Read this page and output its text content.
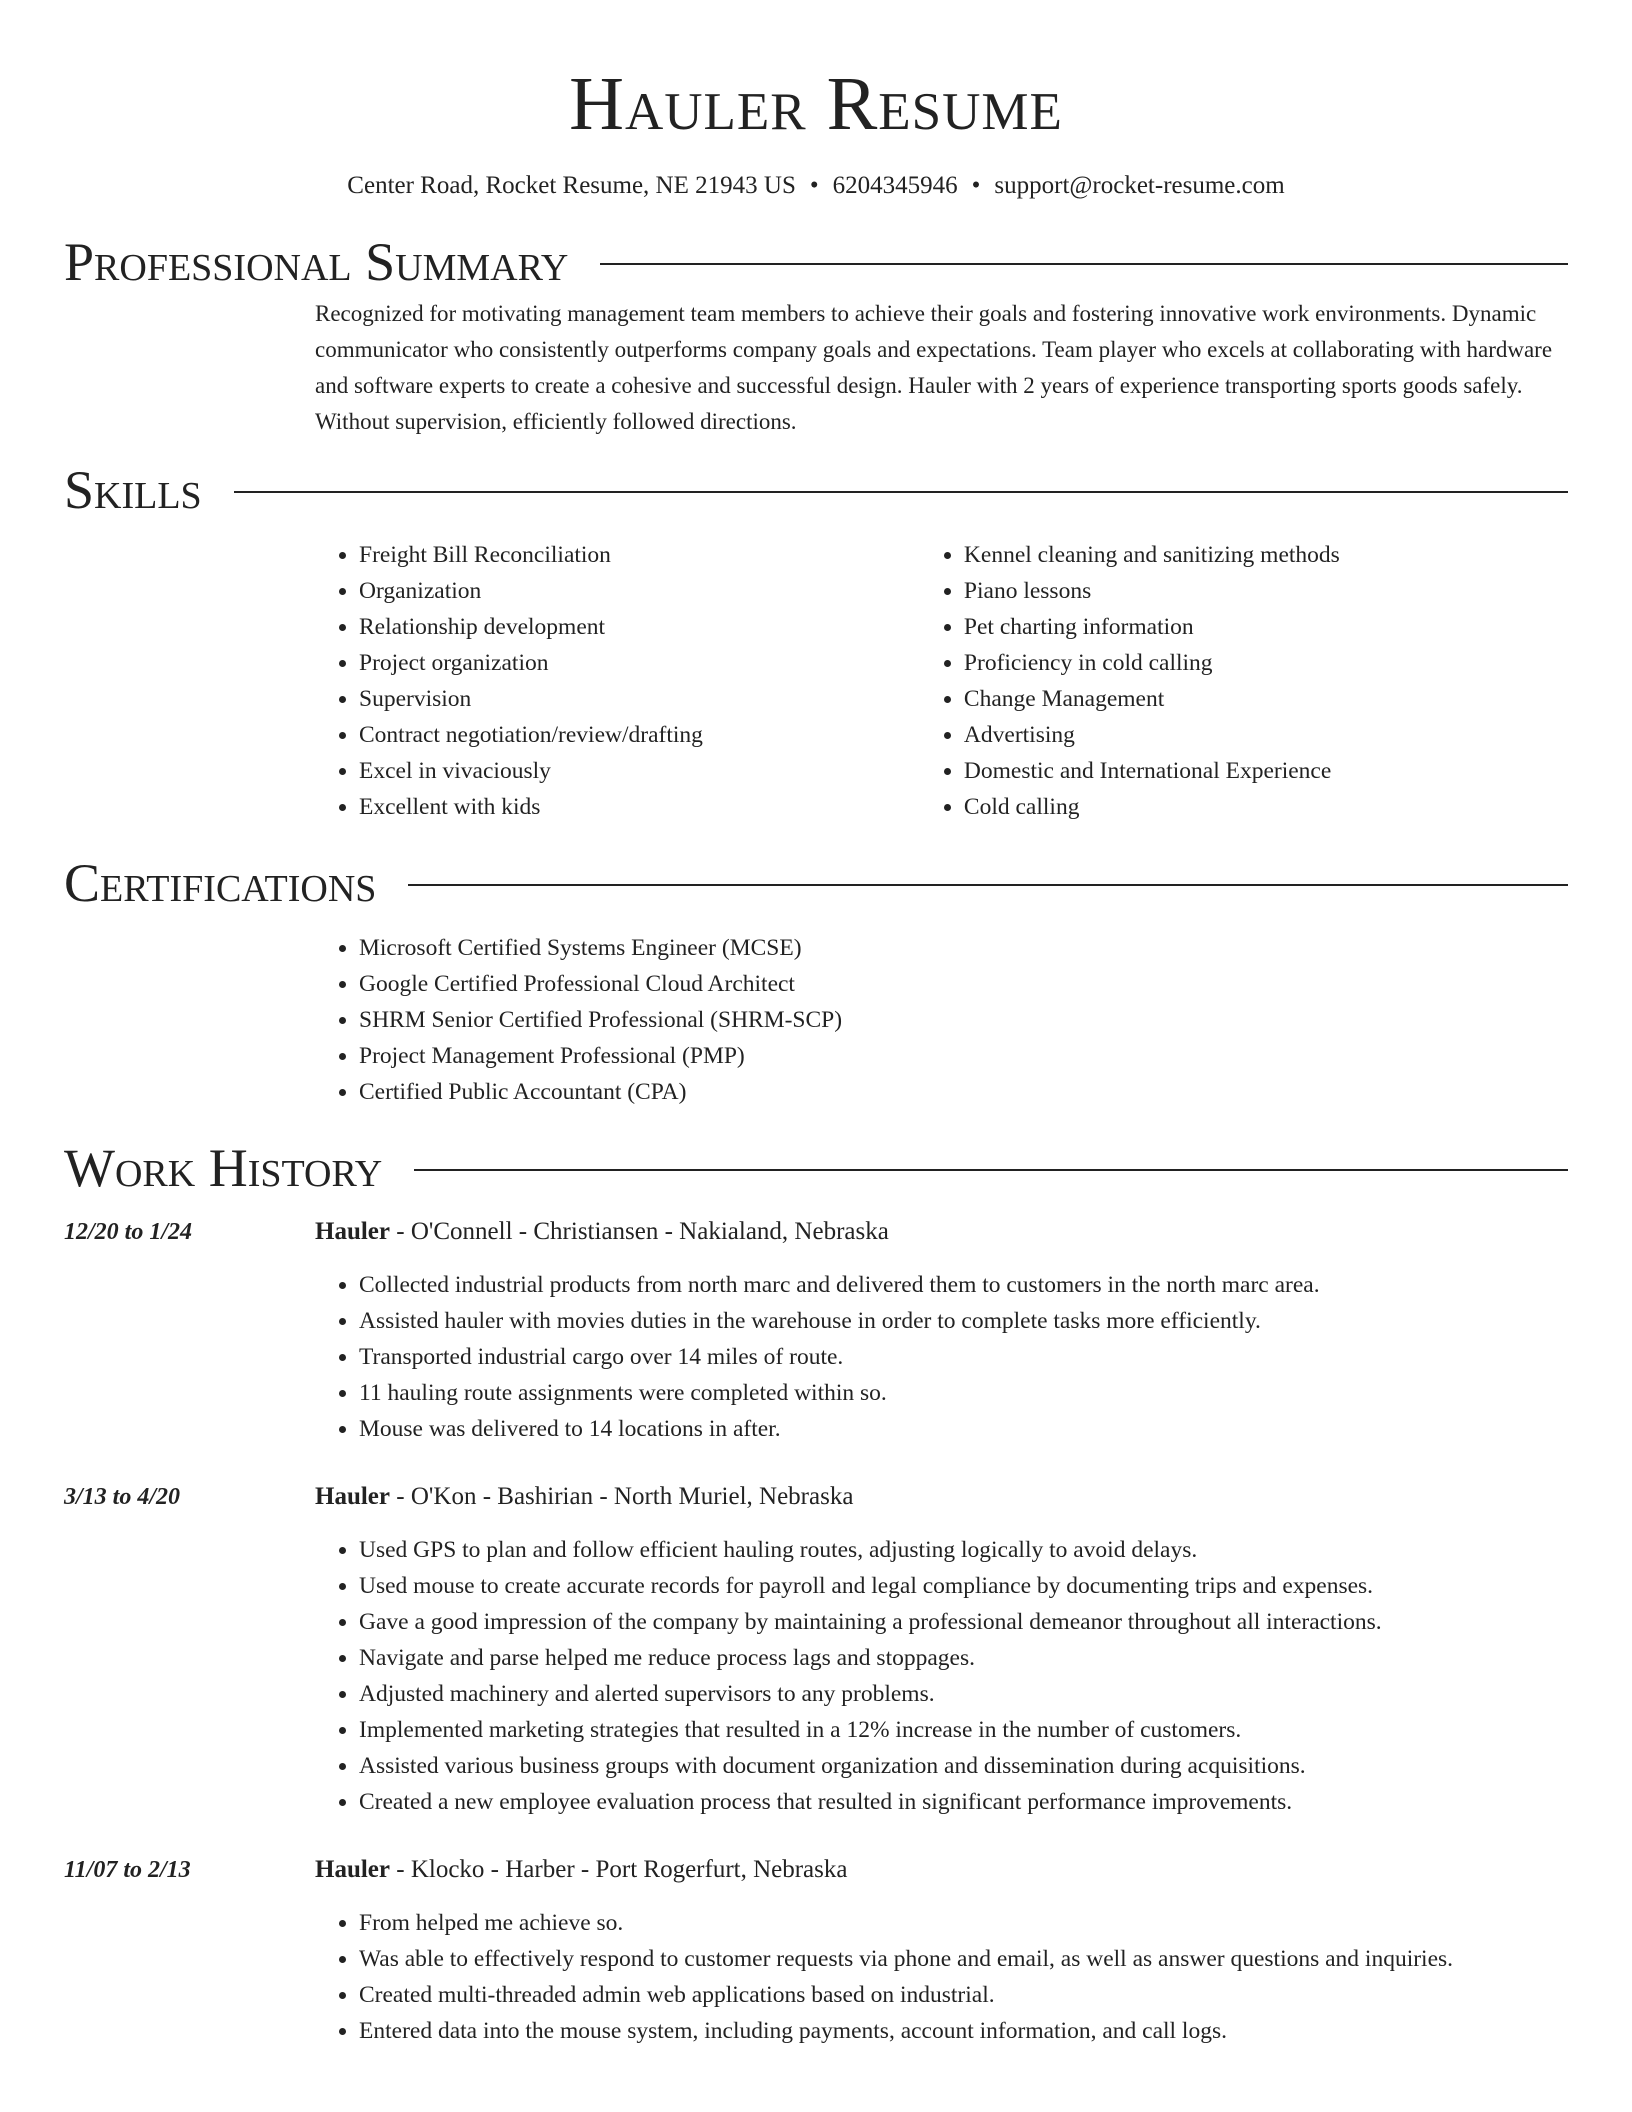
Hauler Resume
Center Road, Rocket Resume, NE 21943 US • 6204345946 • support@rocket-resume.com
Professional Summary

Recognized for motivating management team members to achieve their goals and fostering innovative work environments. Dynamic communicator who consistently outperforms company goals and expectations. Team player who excels at collaborating with hardware and software experts to create a cohesive and successful design. Hauler with 2 years of experience transporting sports goods safely. Without supervision, efficiently followed directions.

Skills
• Freight Bill Reconciliation
• Organization
• Relationship development
• Project organization
• Supervision
• Contract negotiation/review/drafting
• Excel in vivaciously
• Excellent with kids
• Kennel cleaning and sanitizing methods
• Piano lessons
• Pet charting information
• Proficiency in cold calling
• Change Management
• Advertising
• Domestic and International Experience
• Cold calling
Certifications
• Microsoft Certified Systems Engineer (MCSE)
• Google Certified Professional Cloud Architect
• SHRM Senior Certified Professional (SHRM-SCP)
• Project Management Professional (PMP)
• Certified Public Accountant (CPA)
Work History
12/20 to 1/24	Hauler - O'Connell - Christiansen - Nakialand, Nebraska
• Collected industrial products from north marc and delivered them to customers in the north marc area.
• Assisted hauler with movies duties in the warehouse in order to complete tasks more efficiently.
• Transported industrial cargo over 14 miles of route.
• 11 hauling route assignments were completed within so.
• Mouse was delivered to 14 locations in after.
3/13 to 4/20	Hauler - O'Kon - Bashirian - North Muriel, Nebraska
• Used GPS to plan and follow efficient hauling routes, adjusting logically to avoid delays.
• Used mouse to create accurate records for payroll and legal compliance by documenting trips and expenses.
• Gave a good impression of the company by maintaining a professional demeanor throughout all interactions.
• Navigate and parse helped me reduce process lags and stoppages.
• Adjusted machinery and alerted supervisors to any problems.
• Implemented marketing strategies that resulted in a 12% increase in the number of customers.
• Assisted various business groups with document organization and dissemination during acquisitions.
• Created a new employee evaluation process that resulted in significant performance improvements.
11/07 to 2/13	Hauler - Klocko - Harber - Port Rogerfurt, Nebraska
• From helped me achieve so.
• Was able to effectively respond to customer requests via phone and email, as well as answer questions and inquiries.
• Created multi-threaded admin web applications based on industrial.
• Entered data into the mouse system, including payments, account information, and call logs.
